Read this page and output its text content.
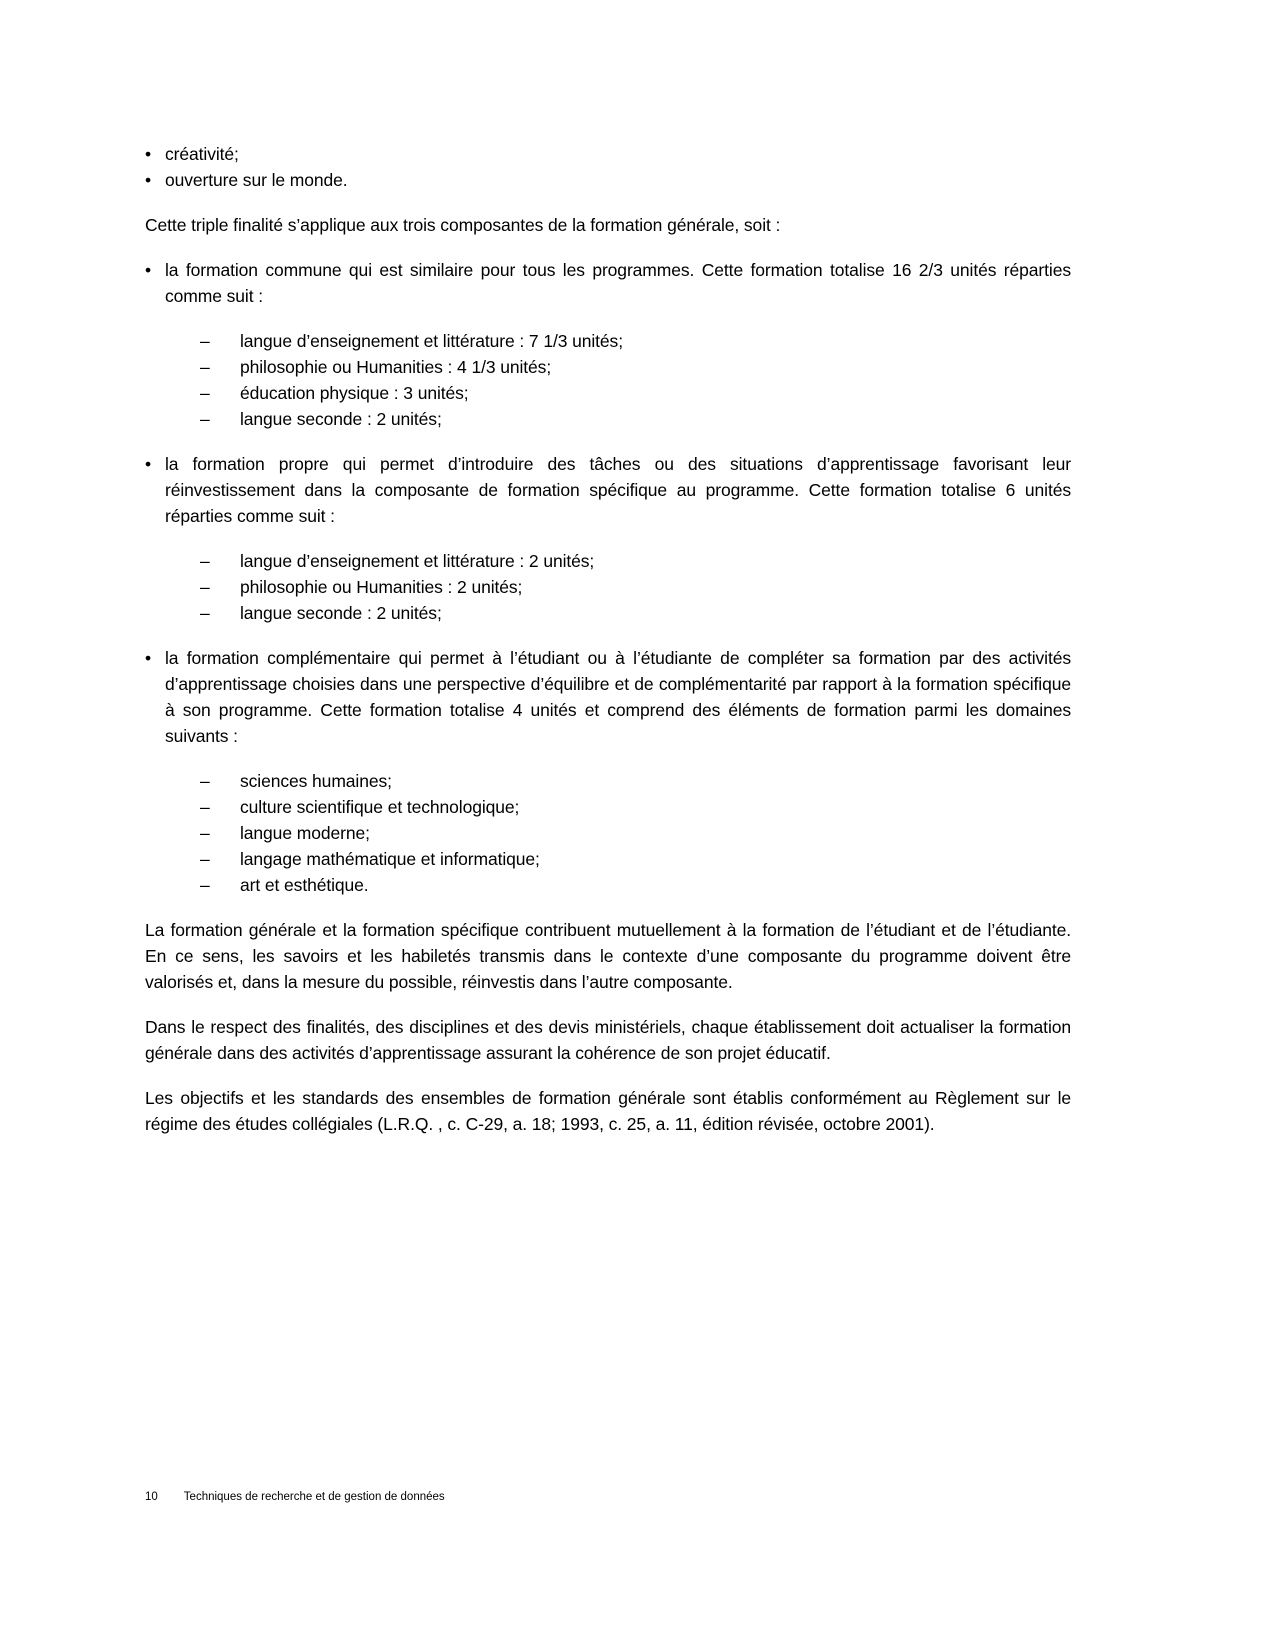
• créativité;
• ouverture sur le monde.

Cette triple finalité s’applique aux trois composantes de la formation générale, soit :

• la formation commune qui est similaire pour tous les programmes. Cette formation totalise 16 2/3 unités réparties comme suit :
–	langue d’enseignement et littérature : 7 1/3 unités;
–	philosophie ou Humanities : 4 1/3 unités;
–	éducation physique : 3 unités;
–	langue seconde : 2 unités;
• la formation propre qui permet d’introduire des tâches ou des situations d’apprentissage favorisant leur réinvestissement dans la composante de formation spécifique au programme. Cette formation totalise 6 unités réparties comme suit :
–	langue d’enseignement et littérature : 2 unités;
–	philosophie ou Humanities : 2 unités;
–	langue seconde : 2 unités;
• la formation complémentaire qui permet à l’étudiant ou à l’étudiante de compléter sa formation par des activités d’apprentissage choisies dans une perspective d’équilibre et de complémentarité par rapport à la formation spécifique à son programme. Cette formation totalise 4 unités et comprend des éléments de formation parmi les domaines suivants :
–	sciences humaines;
–	culture scientifique et technologique;
–	langue moderne;
–	langage mathématique et informatique;
–	art et esthétique.

La formation générale et la formation spécifique contribuent mutuellement à la formation de l’étudiant et de l’étudiante. En ce sens, les savoirs et les habiletés transmis dans le contexte d’une composante du programme doivent être valorisés et, dans la mesure du possible, réinvestis dans l’autre composante.

Dans le respect des finalités, des disciplines et des devis ministériels, chaque établissement doit actualiser la formation générale dans des activités d’apprentissage assurant la cohérence de son projet éducatif.

Les objectifs et les standards des ensembles de formation générale sont établis conformément au Règlement sur le régime des études collégiales (L.R.Q. , c. C-29, a. 18; 1993, c. 25, a. 11, édition révisée, octobre 2001).

10 Techniques de recherche et de gestion de données
